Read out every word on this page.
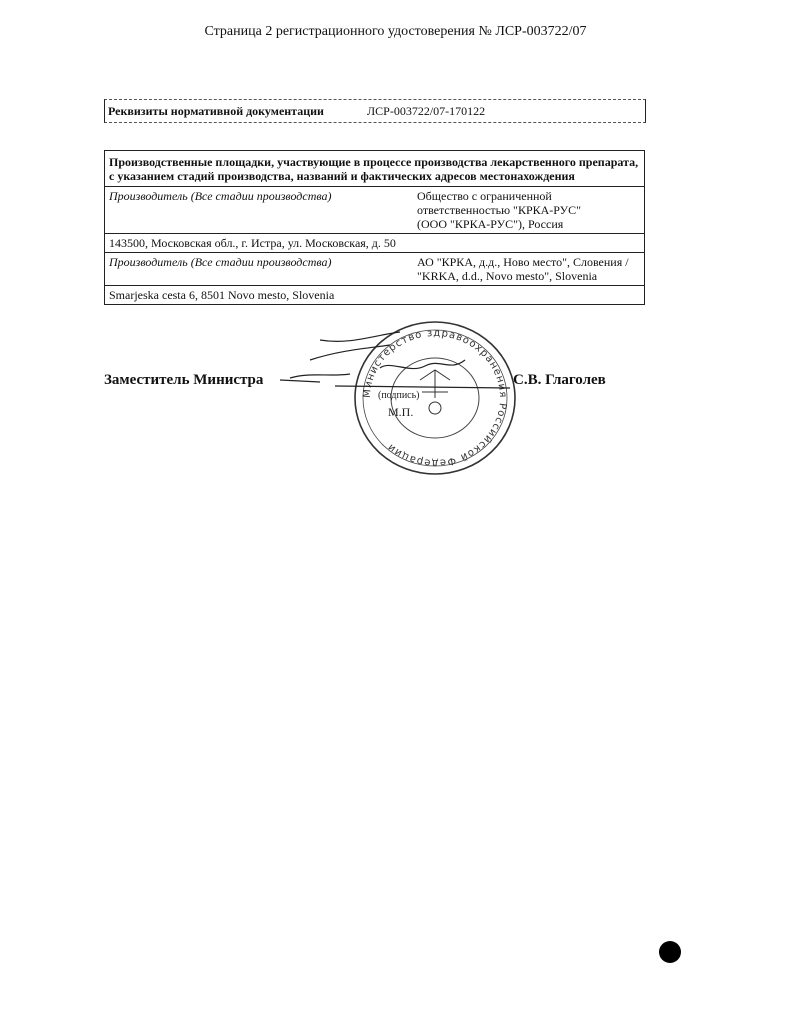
Страница 2 регистрационного удостоверения № ЛСР-003722/07
Реквизиты нормативной документации	ЛСР-003722/07-170122
Производственные площадки, участвующие в процессе производства лекарственного препарата, с указанием стадий производства, названий и фактических адресов местонахождения	
Производитель (Все стадии производства)	Общество с ограниченной
ответственностью "КРКА-РУС"
(ООО "КРКА-РУС"), Россия

143500, Московская обл., г. Истра, ул. Московская, д. 50	
Производитель (Все стадии производства)	АО "КРКА, д.д., Ново место", Словения /
"KRKA, d.d., Novo mesto", Slovenia

Smarjeska cesta 6, 8501 Novo mesto, Slovenia	
Министерство здравоохранения Российской Федерации
(подпись)
М.П.
Заместитель Министра	С.В. Глаголев
